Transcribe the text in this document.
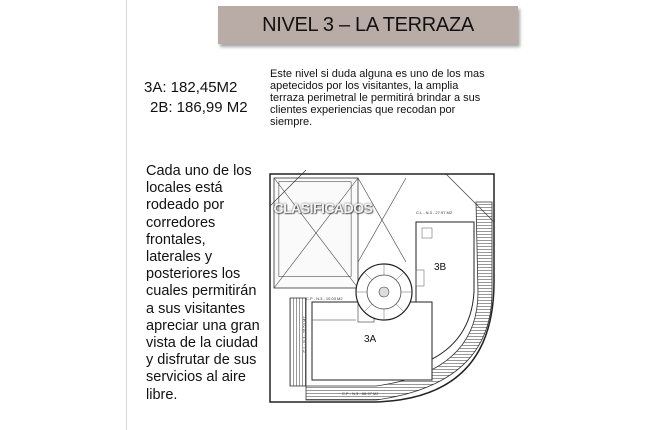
NIVEL 3 – LA TERRAZA
3A: 182,45M2
2B: 186,99 M2
Este nivel si duda alguna es uno de los mas apetecidos por los visitantes, la amplia terraza perimetral le permitirá brindar a sus clientes experiencias que recodan por siempre.
Cada uno de los locales está rodeado por corredores frontales, laterales y posteriores los cuales permitirán a sus visitantes apreciar una gran vista de la ciudad y disfrutar de sus servicios al aire libre.
CLASIFICADOS
3B
3A
C.L - N.3 - 27.97 M2
C.P - N.3 - 10.03 M2
C.L - N.3 - 26.53 M2
C.F - N.3 - 68.97 M2
